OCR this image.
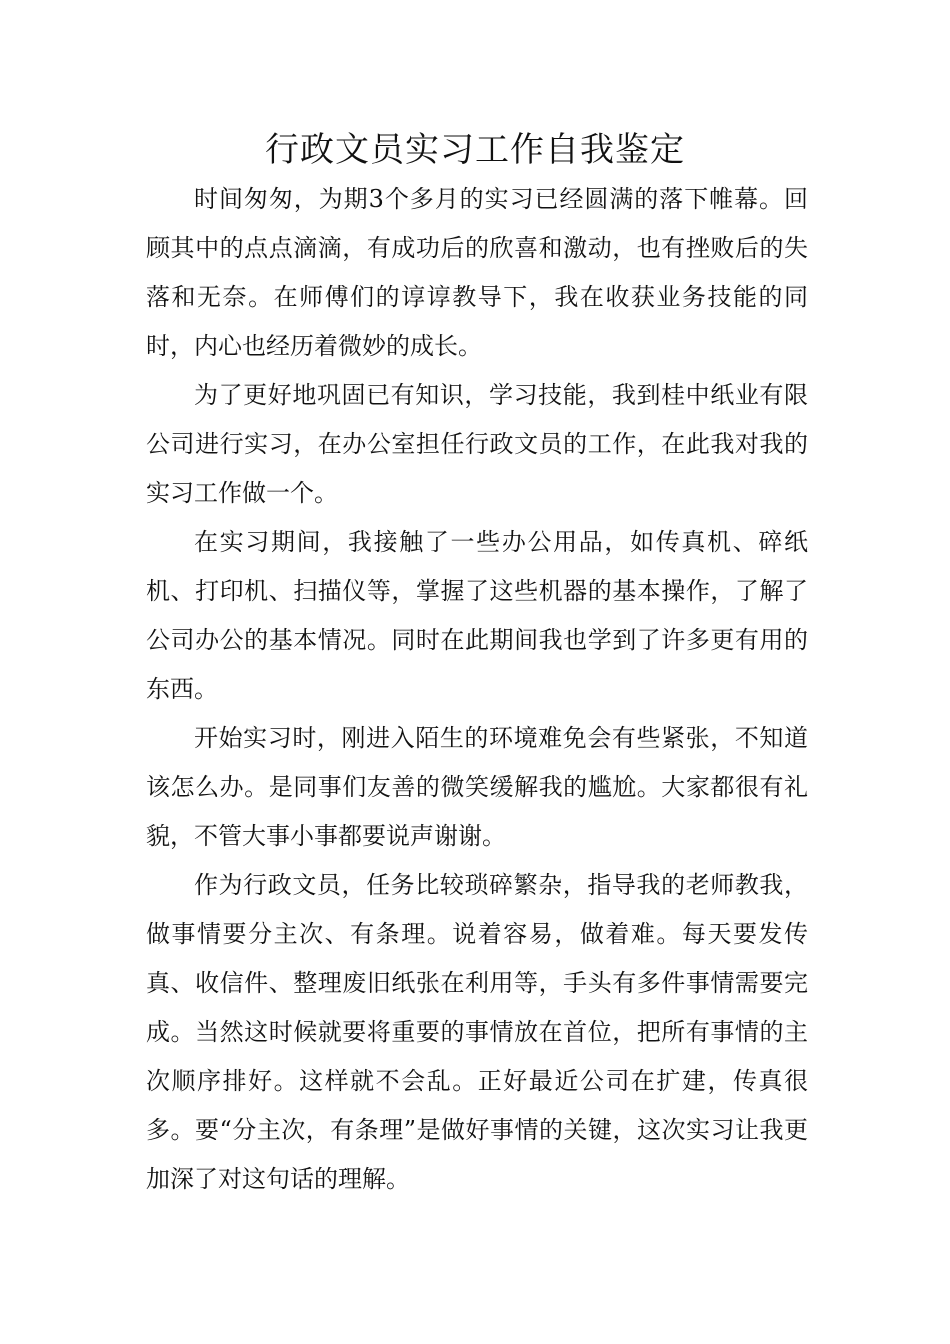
行政文员实习工作自我鉴定

时间匆匆，为期3个多月的实习已经圆满的落下帷幕。回顾其中的点点滴滴，有成功后的欣喜和激动，也有挫败后的失落和无奈。在师傅们的谆谆教导下，我在收获业务技能的同时，内心也经历着微妙的成长。

为了更好地巩固已有知识，学习技能，我到桂中纸业有限公司进行实习，在办公室担任行政文员的工作，在此我对我的实习工作做一个。

在实习期间，我接触了一些办公用品，如传真机、碎纸机、打印机、扫描仪等，掌握了这些机器的基本操作，了解了公司办公的基本情况。同时在此期间我也学到了许多更有用的东西。

开始实习时，刚进入陌生的环境难免会有些紧张，不知道该怎么办。是同事们友善的微笑缓解我的尴尬。大家都很有礼貌，不管大事小事都要说声谢谢。

作为行政文员，任务比较琐碎繁杂，指导我的老师教我，做事情要分主次、有条理。说着容易，做着难。每天要发传真、收信件、整理废旧纸张在利用等，手头有多件事情需要完成。当然这时候就要将重要的事情放在首位，把所有事情的主次顺序排好。这样就不会乱。正好最近公司在扩建，传真很多。要“分主次，有条理”是做好事情的关键，这次实习让我更加深了对这句话的理解。
